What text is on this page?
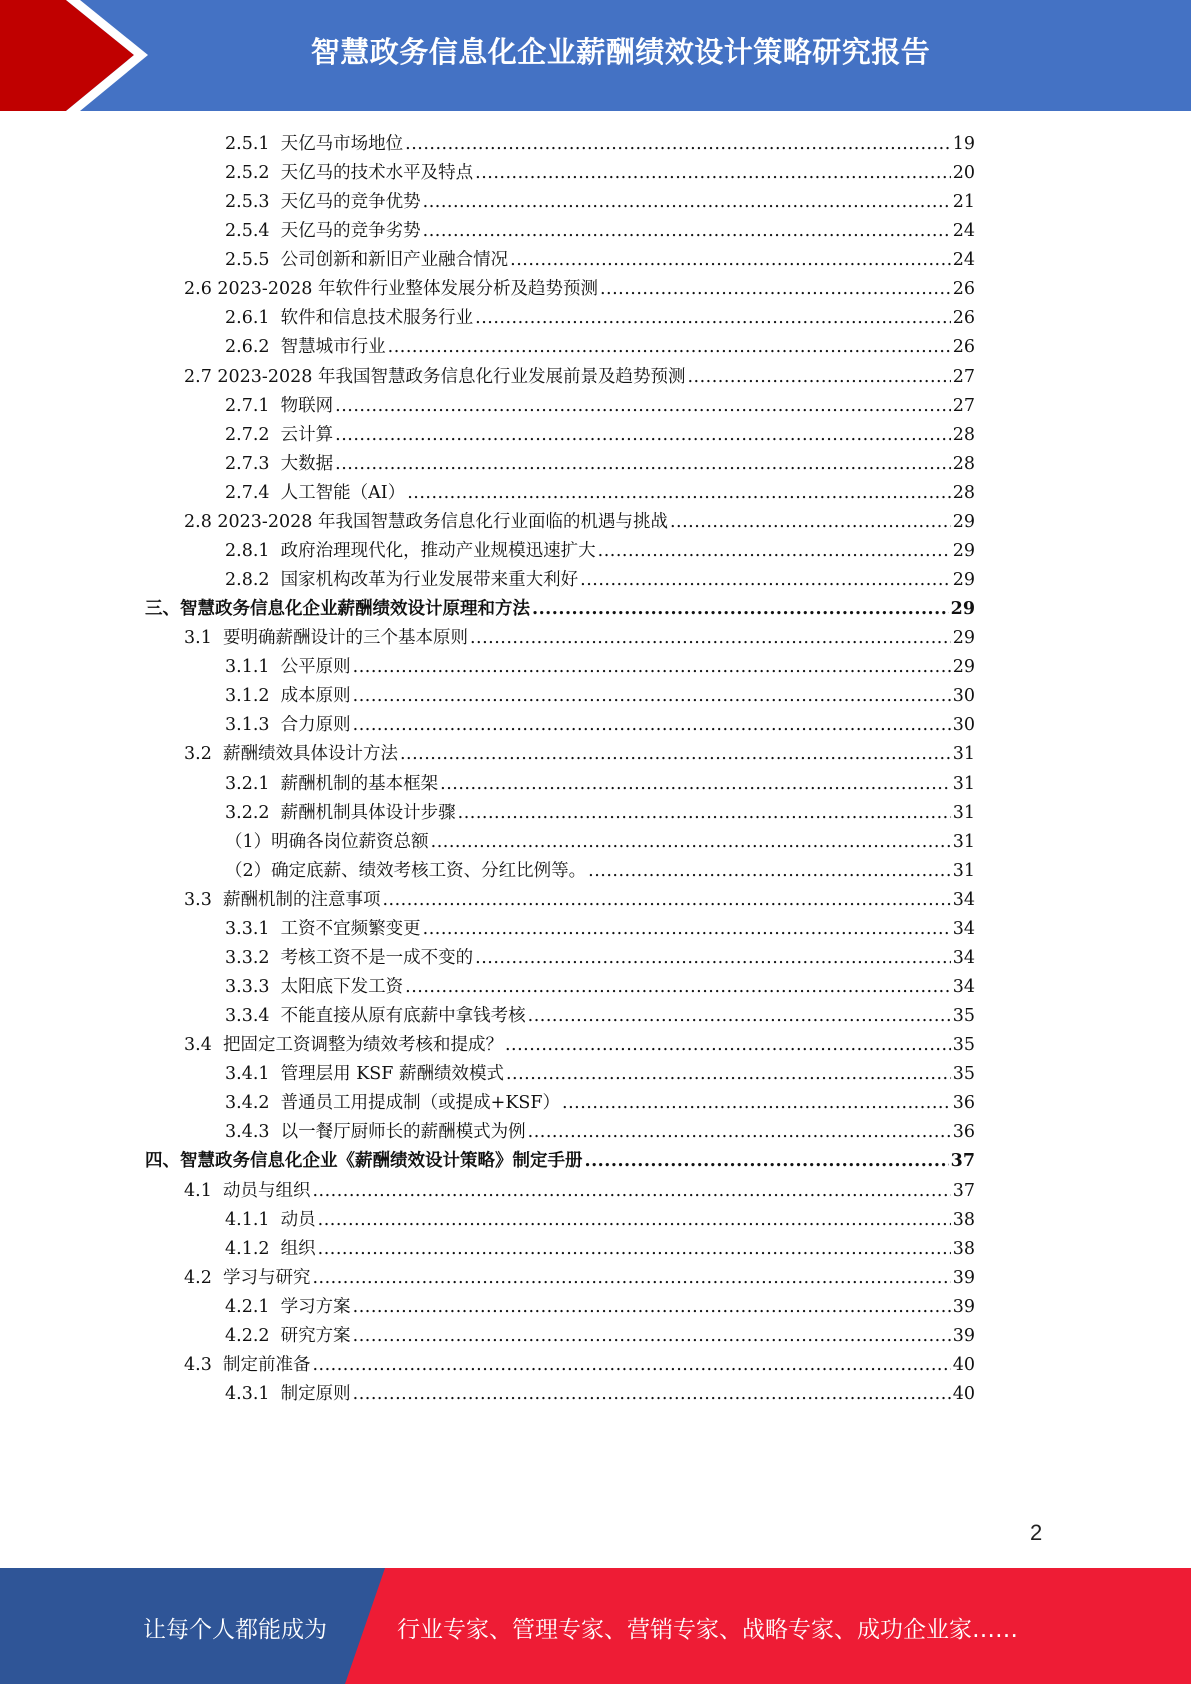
智慧政务信息化企业薪酬绩效设计策略研究报告
2.5.1  天亿马市场地位 .....	19
2.5.2  天亿马的技术水平及特点 .....	20
2.5.3  天亿马的竞争优势 .....	21
2.5.4  天亿马的竞争劣势 .....	24
2.5.5  公司创新和新旧产业融合情况 .....	24
2.6 2023-2028 年软件行业整体发展分析及趋势预测 .....	26
2.6.1  软件和信息技术服务行业 .....	26
2.6.2  智慧城市行业 .....	26
2.7 2023-2028 年我国智慧政务信息化行业发展前景及趋势预测 .....	27
2.7.1  物联网 .....	27
2.7.2  云计算 .....	28
2.7.3  大数据 .....	28
2.7.4  人工智能（AI） .....	28
2.8 2023-2028 年我国智慧政务信息化行业面临的机遇与挑战 .....	29
2.8.1  政府治理现代化，推动产业规模迅速扩大 .....	29
2.8.2  国家机构改革为行业发展带来重大利好 .....	29
三、智慧政务信息化企业薪酬绩效设计原理和方法 .....	29
3.1  要明确薪酬设计的三个基本原则 .....	29
3.1.1  公平原则 .....	29
3.1.2  成本原则 .....	30
3.1.3  合力原则 .....	30
3.2  薪酬绩效具体设计方法 .....	31
3.2.1  薪酬机制的基本框架 .....	31
3.2.2  薪酬机制具体设计步骤 .....	31
（1）明确各岗位薪资总额 .....	31
（2）确定底薪、绩效考核工资、分红比例等。 .....	31
3.3  薪酬机制的注意事项 .....	34
3.3.1  工资不宜频繁变更 .....	34
3.3.2  考核工资不是一成不变的 .....	34
3.3.3  太阳底下发工资 .....	34
3.3.4  不能直接从原有底薪中拿钱考核 .....	35
3.4  把固定工资调整为绩效考核和提成？ .....	35
3.4.1  管理层用 KSF 薪酬绩效模式 .....	35
3.4.2  普通员工用提成制（或提成+KSF） .....	36
3.4.3  以一餐厅厨师长的薪酬模式为例 .....	36
四、智慧政务信息化企业《薪酬绩效设计策略》制定手册 .....	37
4.1  动员与组织 .....	37
4.1.1  动员 .....	38
4.1.2  组织 .....	38
4.2  学习与研究 .....	39
4.2.1  学习方案 .....	39
4.2.2  研究方案 .....	39
4.3  制定前准备 .....	40
4.3.1  制定原则 .....	40
2
让每个人都能成为	行业专家、管理专家、营销专家、战略专家、成功企业家……
